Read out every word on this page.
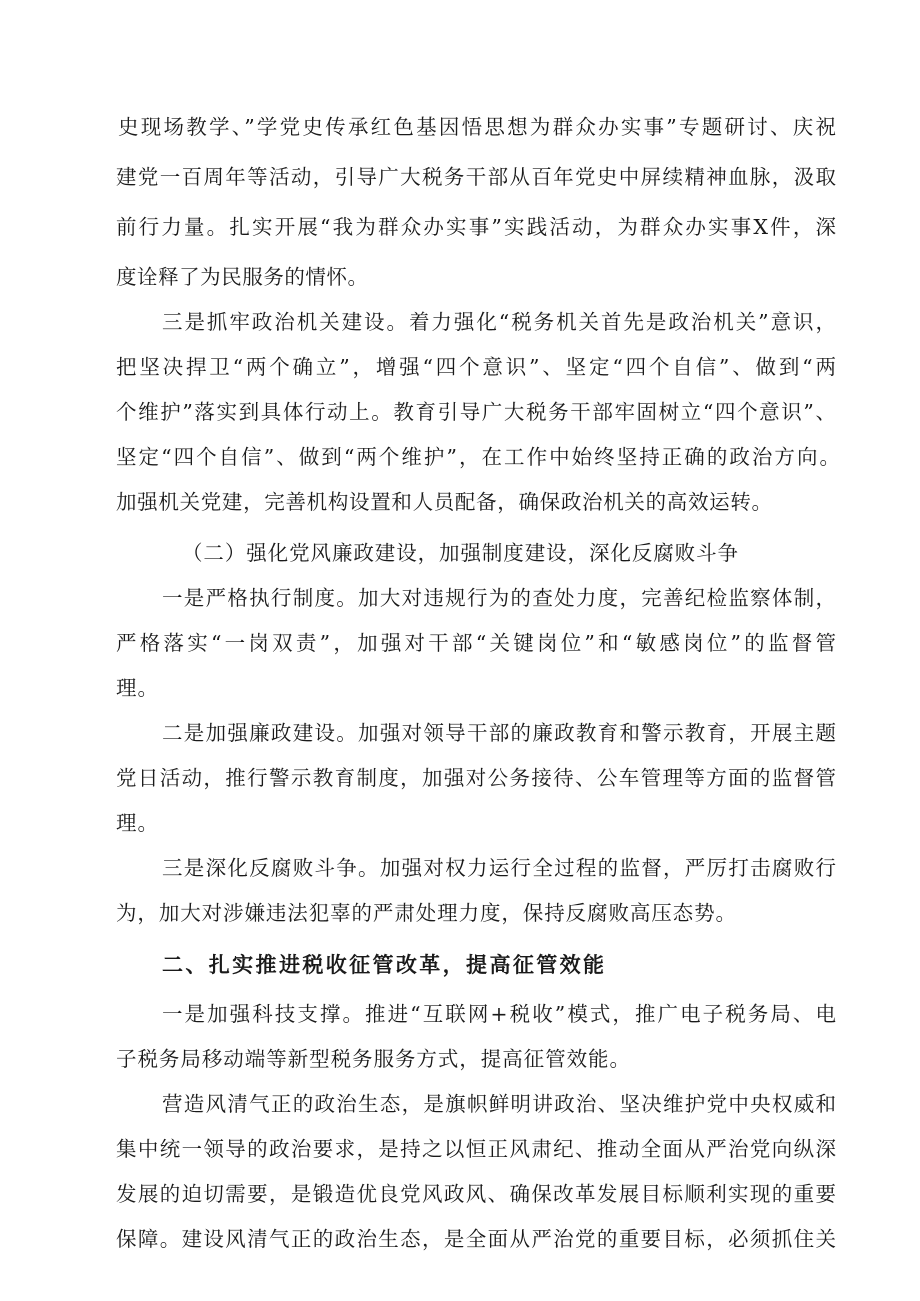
史现场教学、”学党史传承红色基因悟思想为群众办实事”专题研讨、庆祝
建党一百周年等活动，引导广大税务干部从百年党史中屏续精神血脉，汲取
前行力量。扎实开展“我为群众办实事”实践活动，为群众办实事X件，深
度诠释了为民服务的情怀。
三是抓牢政治机关建设。着力强化“税务机关首先是政治机关”意识，
把坚决捍卫“两个确立”，增强“四个意识”、坚定“四个自信”、做到“两
个维护”落实到具体行动上。教育引导广大税务干部牢固树立“四个意识”、
坚定“四个自信”、做到“两个维护”，在工作中始终坚持正确的政治方向。
加强机关党建，完善机构设置和人员配备，确保政治机关的高效运转。
（二）强化党风廉政建设，加强制度建设，深化反腐败斗争
一是严格执行制度。加大对违规行为的查处力度，完善纪检监察体制，
严格落实“一岗双责”，加强对干部“关键岗位”和“敏感岗位”的监督管
理。
二是加强廉政建设。加强对领导干部的廉政教育和警示教育，开展主题
党日活动，推行警示教育制度，加强对公务接待、公车管理等方面的监督管
理。
三是深化反腐败斗争。加强对权力运行全过程的监督，严厉打击腐败行
为，加大对涉嫌违法犯辜的严肃处理力度，保持反腐败高压态势。
二、扎实推进税收征管改革，提高征管效能
一是加强科技支撑。推进“互联网+税收”模式，推广电子税务局、电
子税务局移动端等新型税务服务方式，提高征管效能。
营造风清气正的政治生态，是旗帜鲜明讲政治、坚决维护党中央权威和
集中统一领导的政治要求，是持之以恒正风肃纪、推动全面从严治党向纵深
发展的迫切需要，是锻造优良党风政风、确保改革发展目标顺利实现的重要
保障。建设风清气正的政治生态，是全面从严治党的重要目标，必须抓住关
